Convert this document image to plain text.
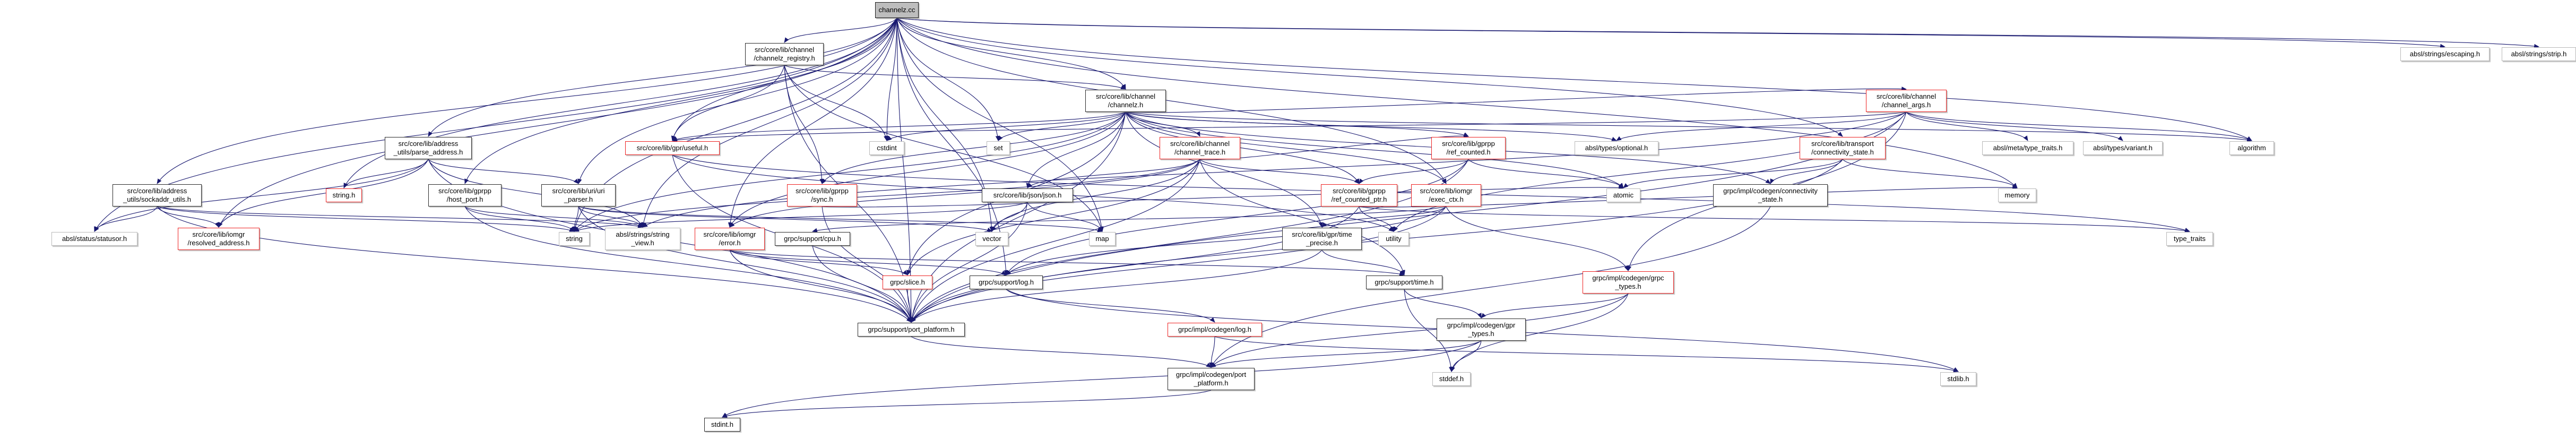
channelz.cc
src/core/lib/channel
/channelz_registry.h
absl/strings/escaping.h	absl/strings/strip.h
src/core/lib/channel
/channelz.h
src/core/lib/channel
/channel_args.h
src/core/lib/address
_utils/parse_address.h
src/core/lib/gpr/useful.h	cstdint	set
src/core/lib/channel
/channel_trace.h
src/core/lib/gprpp
/ref_counted.h
absl/types/optional.h
src/core/lib/transport
/connectivity_state.h
absl/meta/type_traits.h	absl/types/variant.h	algorithm
src/core/lib/address
_utils/sockaddr_utils.h
string.h
src/core/lib/gprpp
/host_port.h
src/core/lib/uri/uri
_parser.h
src/core/lib/gprpp
/sync.h
src/core/lib/json/json.h
src/core/lib/gprpp
/ref_counted_ptr.h
src/core/lib/iomgr
/exec_ctx.h
atomic
grpc/impl/codegen/connectivity
_state.h
memory
absl/status/statusor.h
src/core/lib/iomgr
/resolved_address.h
string
absl/strings/string
_view.h
src/core/lib/iomgr
/error.h
grpc/support/cpu.h	vector	map
src/core/lib/gpr/time
_precise.h
utility	type_traits
grpc/slice.h	grpc/support/log.h	grpc/support/time.h
grpc/impl/codegen/grpc
_types.h
grpc/support/port_platform.h	grpc/impl/codegen/log.h
grpc/impl/codegen/gpr
_types.h
grpc/impl/codegen/port
_platform.h
stddef.h	stdlib.h
stdint.h
